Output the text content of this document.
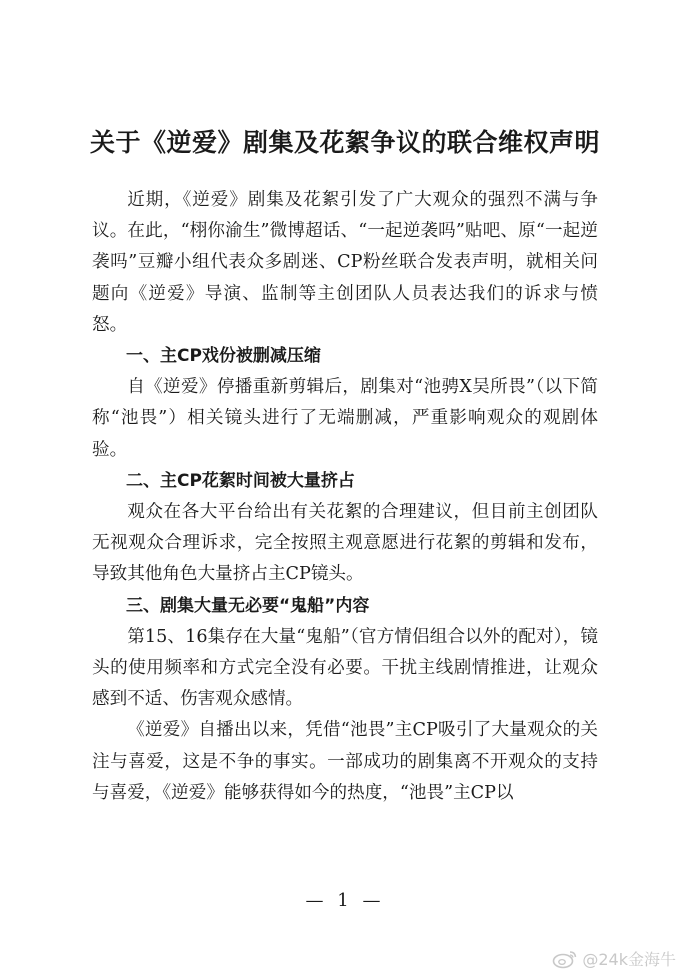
关于《逆爱》剧集及花絮争议的联合维权声明

近期，《逆爱》剧集及花絮引发了广大观众的强烈不满与争议。在此，“栩你渝生”微博超话、“一起逆袭吗”贴吧、原“一起逆袭吗”豆瓣小组代表众多剧迷、CP粉丝联合发表声明，就相关问题向《逆爱》导演、监制等主创团队人员表达我们的诉求与愤怒。

一、主CP戏份被删减压缩

自《逆爱》停播重新剪辑后，剧集对“池骋X吴所畏”（以下简称“池畏”）相关镜头进行了无端删减，严重影响观众的观剧体验。

二、主CP花絮时间被大量挤占

观众在各大平台给出有关花絮的合理建议，但目前主创团队无视观众合理诉求，完全按照主观意愿进行花絮的剪辑和发布，导致其他角色大量挤占主CP镜头。

三、剧集大量无必要“鬼船”内容

第15、16集存在大量“鬼船”（官方情侣组合以外的配对），镜头的使用频率和方式完全没有必要。干扰主线剧情推进，让观众感到不适、伤害观众感情。

《逆爱》自播出以来，凭借“池畏”主CP吸引了大量观众的关注与喜爱，这是不争的事实。一部成功的剧集离不开观众的支持与喜爱，《逆爱》能够获得如今的热度，“池畏”主CP以

— 1 —
@24k金海牛
